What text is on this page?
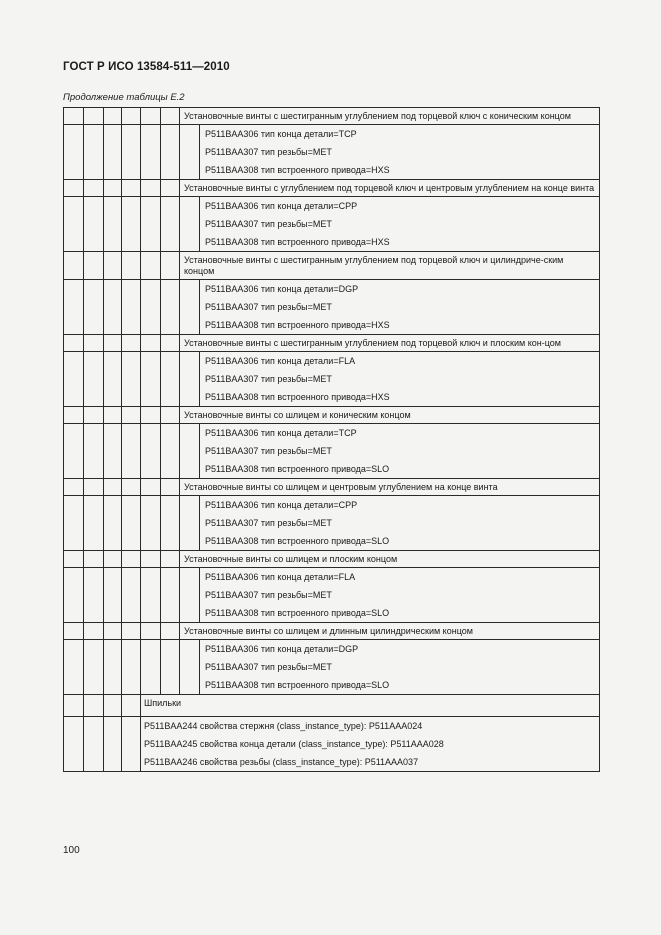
ГОСТ Р ИСО 13584-511—2010
Продолжение таблицы Е.2
						Установочные винты с шестигранным углублением под торцевой ключ с коническим концом	

							P511BAA306 тип конца детали=TCP
P511BAA307 тип резьбы=MET
P511BAA308 тип встроенного привода=HXS

						Установочные винты с углублением под торцевой ключ и центровым углублением на конце винта	

							P511BAA306 тип конца детали=CPP
P511BAA307 тип резьбы=MET
P511BAA308 тип встроенного привода=HXS

						Установочные винты с шестигранным углублением под торцевой ключ и цилиндриче-ским концом	

							P511BAA306 тип конца детали=DGP
P511BAA307 тип резьбы=MET
P511BAA308 тип встроенного привода=HXS

						Установочные винты с шестигранным углублением под торцевой ключ и плоским кон-цом	

							P511BAA306 тип конца детали=FLA
P511BAA307 тип резьбы=MET
P511BAA308 тип встроенного привода=HXS

						Установочные винты со шлицем и коническим концом	

							P511BAA306 тип конца детали=TCP
P511BAA307 тип резьбы=MET
P511BAA308 тип встроенного привода=SLO

						Установочные винты со шлицем и центровым углублением на конце винта	

							P511BAA306 тип конца детали=CPP
P511BAA307 тип резьбы=MET
P511BAA308 тип встроенного привода=SLO

						Установочные винты со шлицем и плоским концом	

							P511BAA306 тип конца детали=FLA
P511BAA307 тип резьбы=MET
P511BAA308 тип встроенного привода=SLO

						Установочные винты со шлицем и длинным цилиндрическим концом	

							P511BAA306 тип конца детали=DGP
P511BAA307 тип резьбы=MET
P511BAA308 тип встроенного привода=SLO

				Шпильки			

				P511BAA244 свойства стержня (class_instance_type): P511AAA024
P511BAA245 свойства конца детали (class_instance_type): P511AAA028
P511BAA246 свойства резьбы (class_instance_type): P511AAA037			
100
